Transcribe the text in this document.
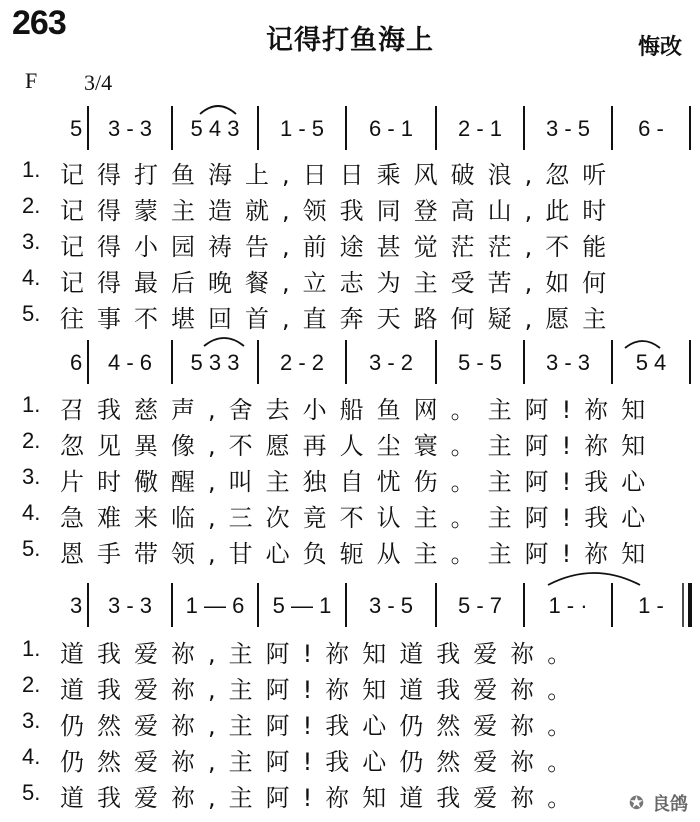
263	记得打鱼海上	悔改
F 3/4
5	3 - 3	5 4 3	1 - 5	6 - 1	2 - 1	3 - 5	6 -
1. 记得打鱼海上,日日乘风破浪,忽听
2. 记得蒙主造就,领我同登高山,此时
3. 记得小园祷告,前途甚觉茫茫,不能
4. 记得最后晚餐,立志为主受苦,如何
5. 往事不堪回首,直奔天路何疑,愿主
6	4 - 6	5 3 3	2 - 2	3 - 2	5 - 5	3 - 3	5 4
1. 召我慈声,舍去小船鱼网。主阿!祢知
2. 忽见異像,不愿再人尘寰。主阿!祢知
3. 片时儆醒,叫主独自忧伤。主阿!我心
4. 急难来临,三次竟不认主。主阿!我心
5. 恩手带领,甘心负轭从主。主阿!祢知
3	3 - 3	1 — 6	5 — 1	3 - 5	5 - 7	1 - ·	1 -
1. 道我爱祢,主阿!祢知道我爱祢。
2. 道我爱祢,主阿!祢知道我爱祢。
3. 仍然爱祢,主阿!我心仍然爱祢。
4. 仍然爱祢,主阿!我心仍然爱祢。
5. 道我爱祢,主阿!祢知道我爱祢。 ✪ 良鸽
